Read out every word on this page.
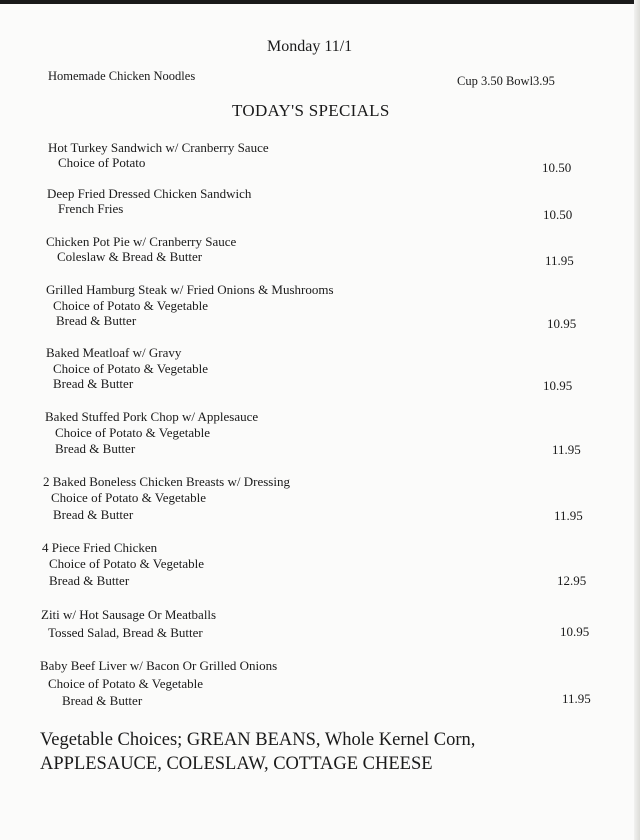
Monday 11/1
Homemade Chicken Noodles	Cup 3.50 Bowl3.95
TODAY'S SPECIALS
Hot Turkey Sandwich w/ Cranberry Sauce
Choice of Potato	10.50
Deep Fried Dressed Chicken Sandwich
French Fries	10.50
Chicken Pot Pie w/ Cranberry Sauce
Coleslaw & Bread & Butter	11.95
Grilled Hamburg Steak w/ Fried Onions & Mushrooms
Choice of Potato & Vegetable
Bread & Butter	10.95
Baked Meatloaf w/ Gravy
Choice of Potato & Vegetable
Bread & Butter	10.95
Baked Stuffed Pork Chop w/ Applesauce
Choice of Potato & Vegetable
Bread & Butter	11.95
2 Baked Boneless Chicken Breasts w/ Dressing
Choice of Potato & Vegetable
Bread & Butter	11.95
4 Piece Fried Chicken
Choice of Potato & Vegetable
Bread & Butter	12.95
Ziti w/ Hot Sausage Or Meatballs
Tossed Salad, Bread & Butter	10.95
Baby Beef Liver w/ Bacon Or Grilled Onions
Choice of Potato & Vegetable
Bread & Butter	11.95
Vegetable Choices; GREAN BEANS, Whole Kernel Corn,
APPLESAUCE, COLESLAW, COTTAGE CHEESE
